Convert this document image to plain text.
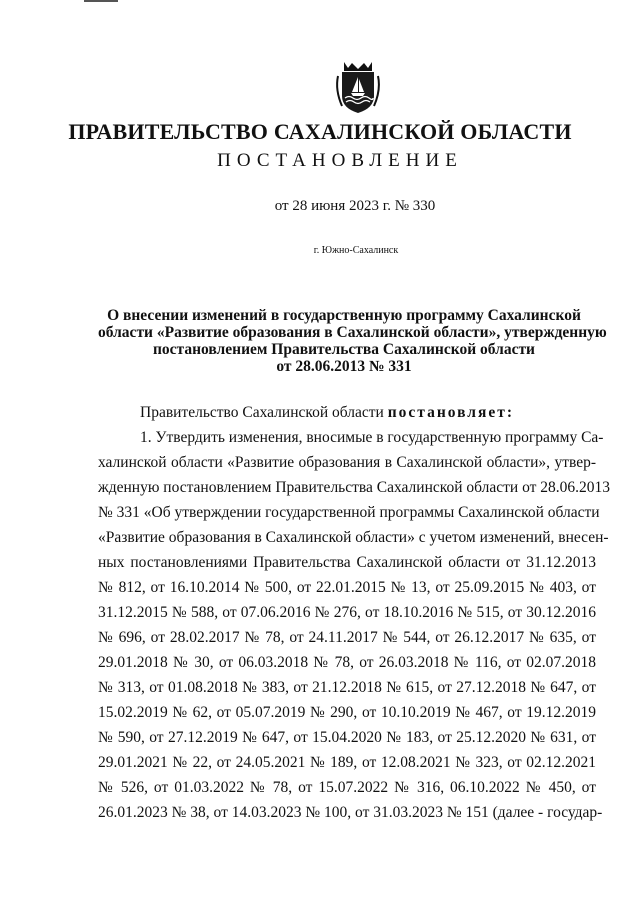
ПРАВИТЕЛЬСТВО САХАЛИНСКОЙ ОБЛАСТИ
ПОСТАНОВЛЕНИЕ
от 28 июня 2023 г. № 330
г. Южно-Сахалинск
О внесении изменений в государственную программу Сахалинской
области «Развитие образования в Сахалинской области», утвержденную
постановлением Правительства Сахалинской области
от 28.06.2013 № 331
Правительство Сахалинской области постановляет:
1. Утвердить изменения, вносимые в государственную программу Са-
халинской области «Развитие образования в Сахалинской области», утвер-
жденную постановлением Правительства Сахалинской области от 28.06.2013
№ 331 «Об утверждении государственной программы Сахалинской области
«Развитие образования в Сахалинской области» с учетом изменений, внесен-
ных постановлениями Правительства Сахалинской области от 31.12.2013
№ 812, от 16.10.2014 № 500, от 22.01.2015 № 13, от 25.09.2015 № 403, от
31.12.2015 № 588, от 07.06.2016 № 276, от 18.10.2016 № 515, от 30.12.2016
№ 696, от 28.02.2017 № 78, от 24.11.2017 № 544, от 26.12.2017 № 635, от
29.01.2018 № 30, от 06.03.2018 № 78, от 26.03.2018 № 116, от 02.07.2018
№ 313, от 01.08.2018 № 383, от 21.12.2018 № 615, от 27.12.2018 № 647, от
15.02.2019 № 62, от 05.07.2019 № 290, от 10.10.2019 № 467, от 19.12.2019
№ 590, от 27.12.2019 № 647, от 15.04.2020 № 183, от 25.12.2020 № 631, от
29.01.2021 № 22, от 24.05.2021 № 189, от 12.08.2021 № 323, от 02.12.2021
№ 526, от 01.03.2022 № 78, от 15.07.2022 № 316, 06.10.2022 № 450, от
26.01.2023 № 38, от 14.03.2023 № 100, от 31.03.2023 № 151 (далее - государ-
